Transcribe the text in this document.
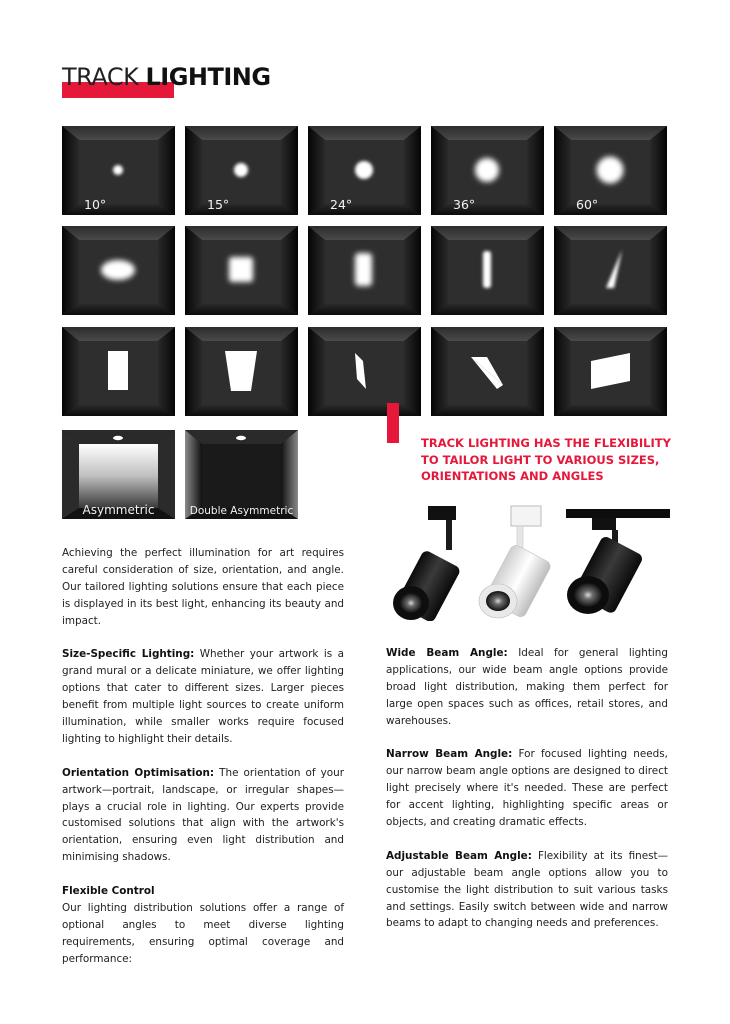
TRACK LIGHTING
10°	15°	24°	36°	60°
Asymmetric	Double Asymmetric
TRACK LIGHTING HAS THE FLEXIBILITY
TO TAILOR LIGHT TO VARIOUS SIZES,
ORIENTATIONS AND ANGLES

Achieving the perfect illumination for art requires careful consideration of size, orientation, and angle. Our tailored lighting solutions ensure that each piece is displayed in its best light, enhancing its beauty and impact.

Size-Specific Lighting: Whether your artwork is a grand mural or a delicate miniature, we offer lighting options that cater to different sizes. Larger pieces benefit from multiple light sources to create uniform illumination, while smaller works require focused lighting to highlight their details.

Orientation Optimisation: The orientation of your artwork—portrait, landscape, or irregular shapes—plays a crucial role in lighting. Our experts provide customised solutions that align with the artwork's orientation, ensuring even light distribution and minimising shadows.

Flexible Control

Our lighting distribution solutions offer a range of optional angles to meet diverse lighting requirements, ensuring optimal coverage and performance:

Wide Beam Angle: Ideal for general lighting applications, our wide beam angle options provide broad light distribution, making them perfect for large open spaces such as offices, retail stores, and warehouses.

Narrow Beam Angle: For focused lighting needs, our narrow beam angle options are designed to direct light precisely where it's needed. These are perfect for accent lighting, highlighting specific areas or objects, and creating dramatic effects.

Adjustable Beam Angle: Flexibility at its finest—our adjustable beam angle options allow you to customise the light distribution to suit various tasks and settings. Easily switch between wide and narrow beams to adapt to changing needs and preferences.
